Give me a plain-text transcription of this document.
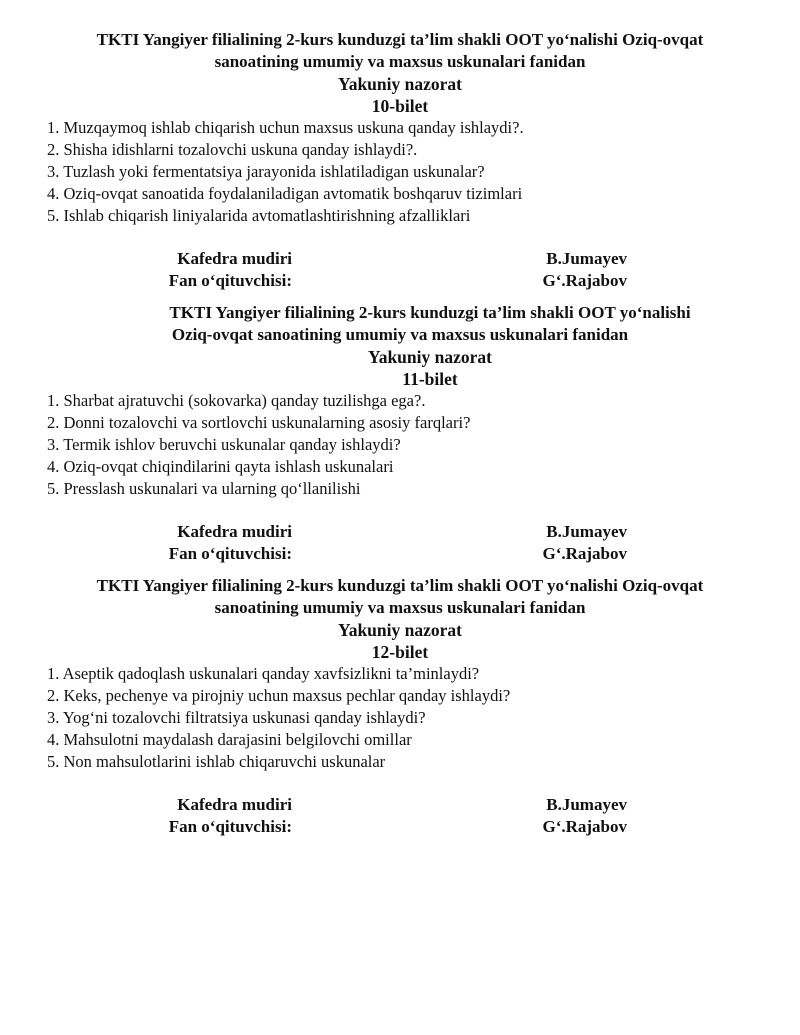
TKTI Yangiyer filialining 2-kurs kunduzgi ta’lim shakli OOT yo‘nalishi Oziq-ovqat
sanoatining umumiy va maxsus uskunalari fanidan
Yakuniy nazorat
10-bilet
1. Muzqaymoq ishlab chiqarish uchun maxsus uskuna qanday ishlaydi?.
2. Shisha idishlarni tozalovchi uskuna qanday ishlaydi?.
3. Tuzlash yoki fermentatsiya jarayonida ishlatiladigan uskunalar?
4. Oziq-ovqat sanoatida foydalaniladigan avtomatik boshqaruv tizimlari
5. Ishlab chiqarish liniyalarida avtomatlashtirishning afzalliklari
Kafedra mudiri	B.Jumayev
Fan o‘qituvchisi:	G‘.Rajabov
TKTI Yangiyer filialining 2-kurs kunduzgi ta’lim shakli OOT yo‘nalishi
Oziq-ovqat sanoatining umumiy va maxsus uskunalari fanidan
Yakuniy nazorat
11-bilet
1. Sharbat ajratuvchi (sokovarka) qanday tuzilishga ega?.
2. Donni tozalovchi va sortlovchi uskunalarning asosiy farqlari?
3. Termik ishlov beruvchi uskunalar qanday ishlaydi?
4. Oziq-ovqat chiqindilarini qayta ishlash uskunalari
5. Presslash uskunalari va ularning qo‘llanilishi
Kafedra mudiri	B.Jumayev
Fan o‘qituvchisi:	G‘.Rajabov
TKTI Yangiyer filialining 2-kurs kunduzgi ta’lim shakli OOT yo‘nalishi Oziq-ovqat
sanoatining umumiy va maxsus uskunalari fanidan
Yakuniy nazorat
12-bilet
1. Aseptik qadoqlash uskunalari qanday xavfsizlikni ta’minlaydi?
2. Keks, pechenye va pirojniy uchun maxsus pechlar qanday ishlaydi?
3. Yog‘ni tozalovchi filtratsiya uskunasi qanday ishlaydi?
4. Mahsulotni maydalash darajasini belgilovchi omillar
5. Non mahsulotlarini ishlab chiqaruvchi uskunalar
Kafedra mudiri	B.Jumayev
Fan o‘qituvchisi:	G‘.Rajabov
